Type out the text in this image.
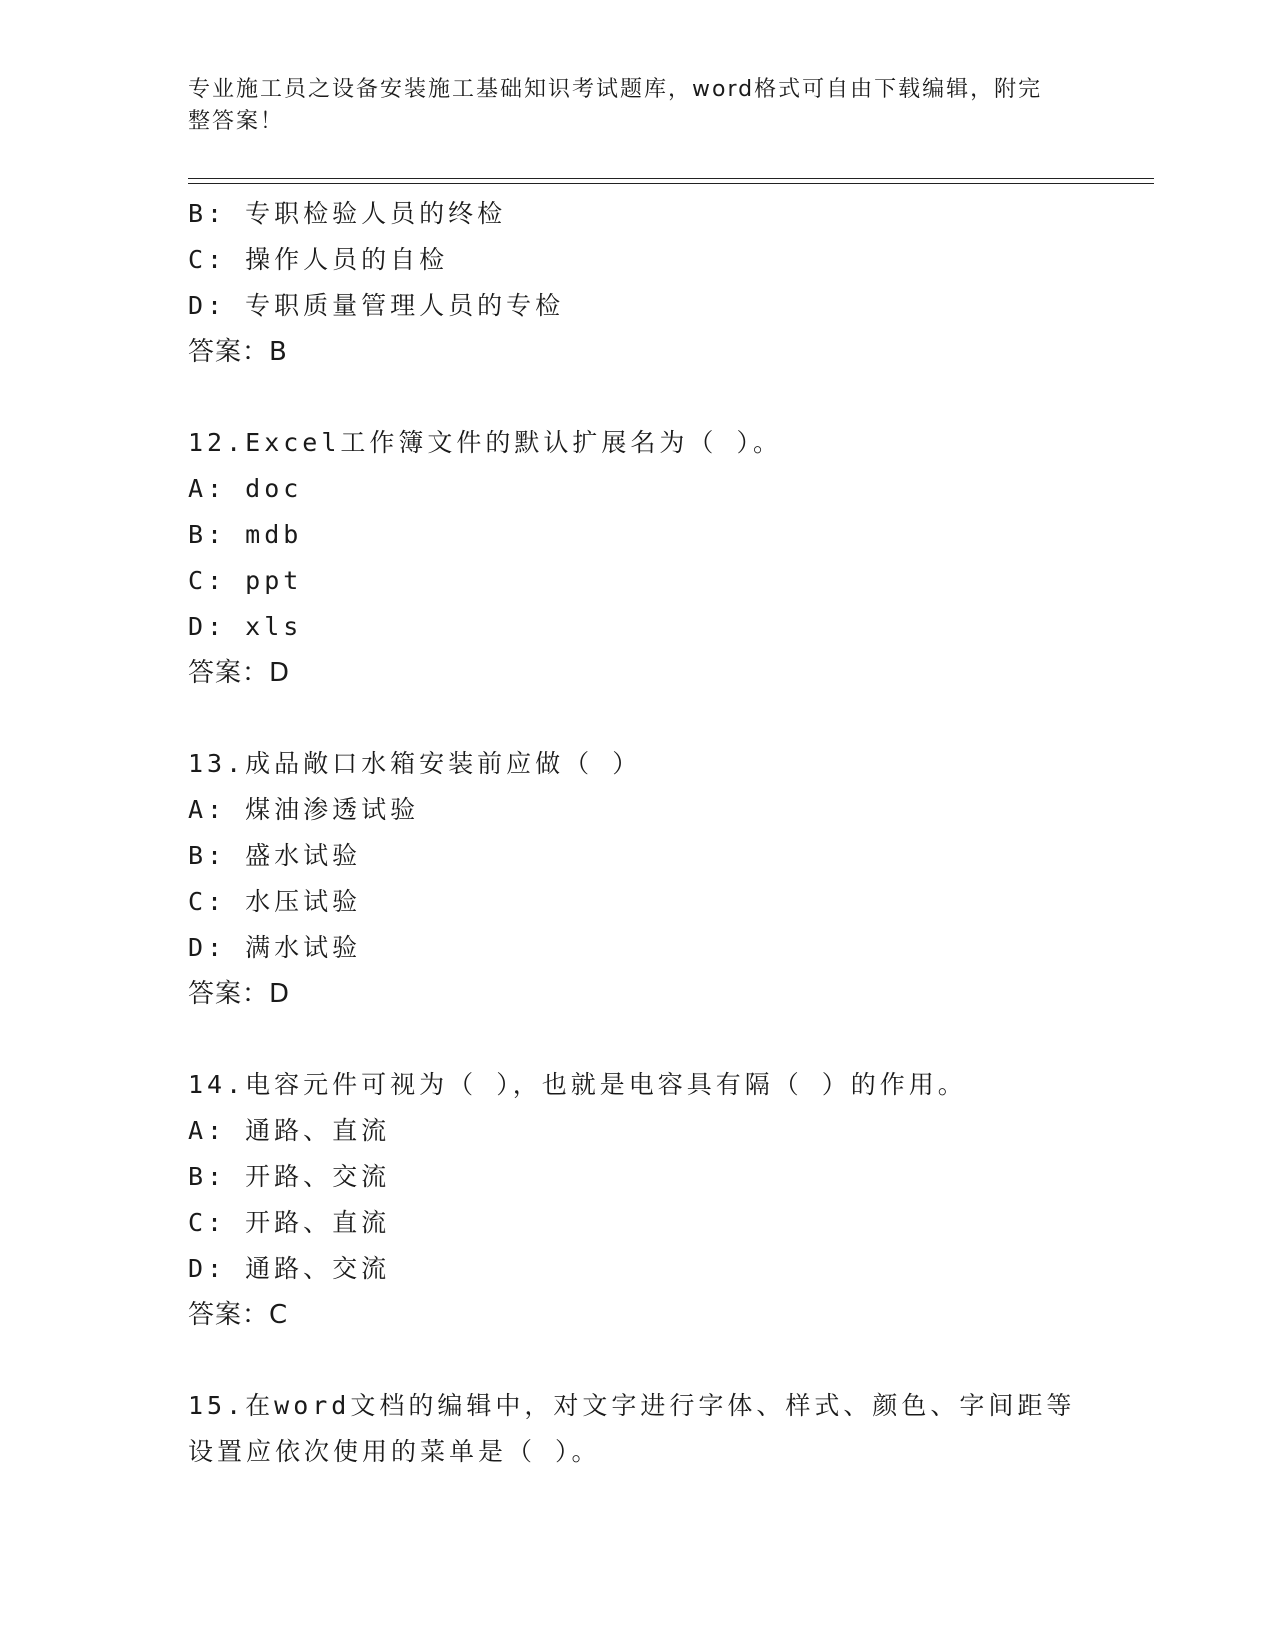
专业施工员之设备安装施工基础知识考试题库，word格式可自由下载编辑，附完
整答案！
B: 专职检验人员的终检
C: 操作人员的自检
D: 专职质量管理人员的专检
答案：B
12.Excel工作簿文件的默认扩展名为（ ）。
A: doc
B: mdb
C: ppt
D: xls
答案：D
13.成品敞口水箱安装前应做（ ）
A: 煤油渗透试验
B: 盛水试验
C: 水压试验
D: 满水试验
答案：D
14.电容元件可视为（ ），也就是电容具有隔（ ）的作用。
A: 通路、直流
B: 开路、交流
C: 开路、直流
D: 通路、交流
答案：C
15.在word文档的编辑中，对文字进行字体、样式、颜色、字间距等
设置应依次使用的菜单是（ ）。
